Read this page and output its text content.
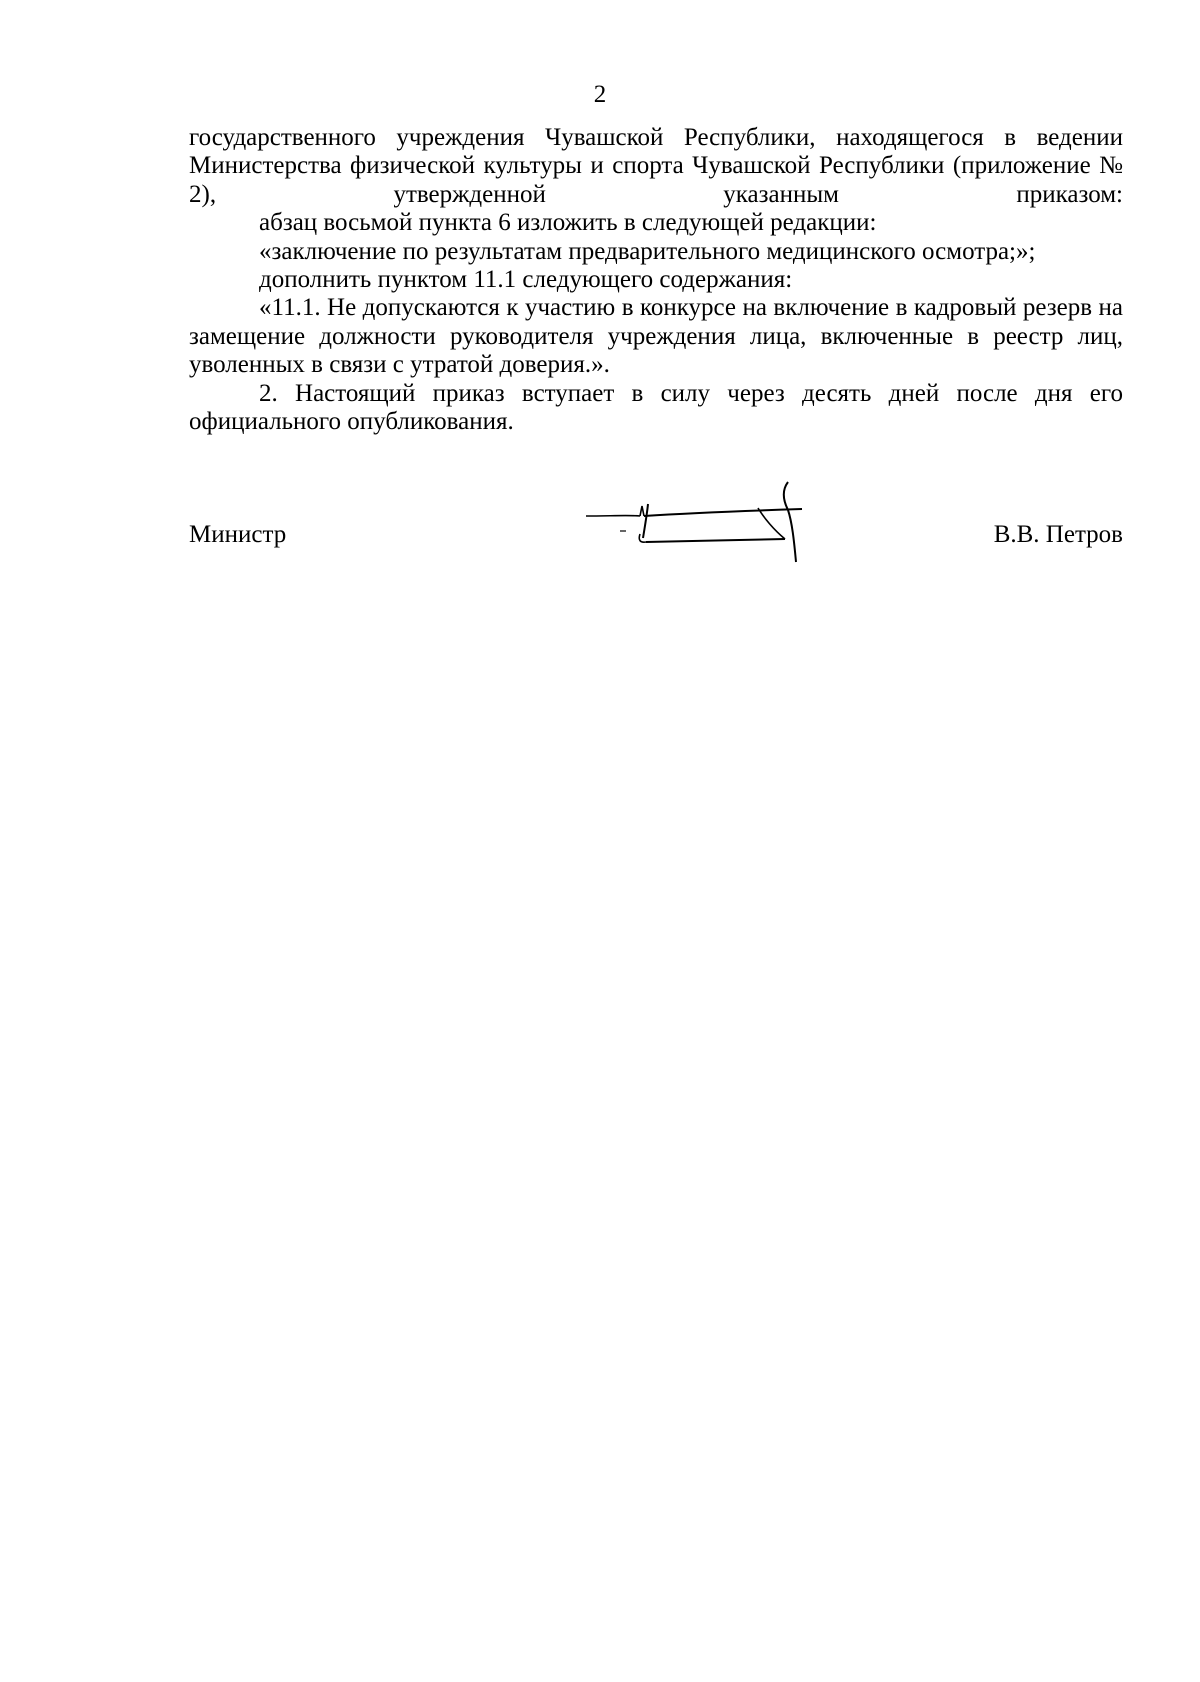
2

государственного учреждения Чувашской Республики, находящегося в ведении Министерства физической культуры и спорта Чувашской Республики (приложение № 2), утвержденной указанным приказом:

абзац восьмой пункта 6 изложить в следующей редакции:

«заключение по результатам предварительного медицинского осмотра;»;

дополнить пунктом 11.1 следующего содержания:

«11.1. Не допускаются к участию в конкурсе на включение в кадровый резерв на замещение должности руководителя учреждения лица, включенные в реестр лиц, уволенных в связи с утратой доверия.».

2. Настоящий приказ вступает в силу через десять дней после дня его официального опубликования.

Министр	В.В. Петров
